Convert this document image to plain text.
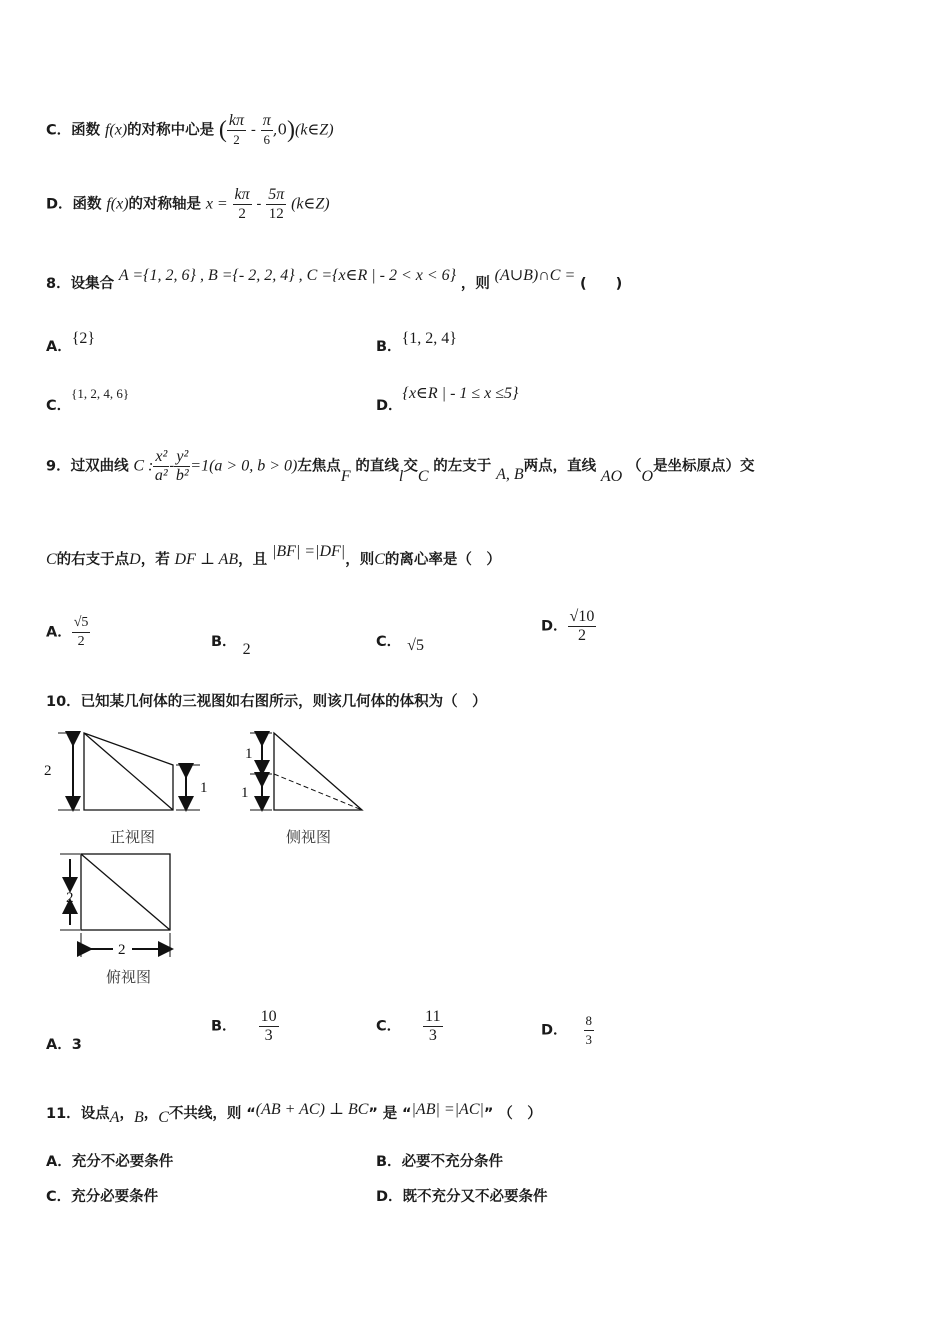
C．函数 f(x)的对称中心是 ( $\frac{k\pi}{2} - \frac{\pi}{6}$ ,0)(k∈Z)
D．函数 f(x)的对称轴是 $x = \frac{k\pi}{2} - \frac{5\pi}{12}$ (k∈Z)
8．设集合 A ={1, 2, 6} , B ={- 2, 2, 4} , C ={x∈R | - 2 < x < 6} ，则 (A∪B)∩C = (　　)
A．{2}	B．{1, 2, 4}
C．{1, 2, 4, 6}
D．{x∈R | - 1 ≤ x ≤5}
9．过双曲线 C : $\frac{\text{x²}}{\text{a²}} - \frac{\text{y²}}{\text{b²}} =1(a > 0$, b > 0)左焦点F 的直线l交C 的左支于 A, B两点，直线 AO （O是坐标原点）交
C的右支于点D，若 DF ⊥ AB，且 |BF| =|DF|，则C的离心率是（　）
A． $\frac{√5}{2}$	B． 2	C． √5
D． $\frac{√10}{2}$
10．已知某几何体的三视图如右图所示，则该几何体的体积为（　）
2
1
正视图
1
1
侧视图
2
2
俯视图
A．3
B． $\frac{10}{3}$	C． $\frac{11}{3}$	D． $\frac{8}{3}$
11．设点A，B，C不共线，则 “(AB + AC) ⊥ BC” 是 “|AB| =|AC|” （　）
A．充分不必要条件	B．必要不充分条件
C．充分必要条件	D．既不充分又不必要条件
